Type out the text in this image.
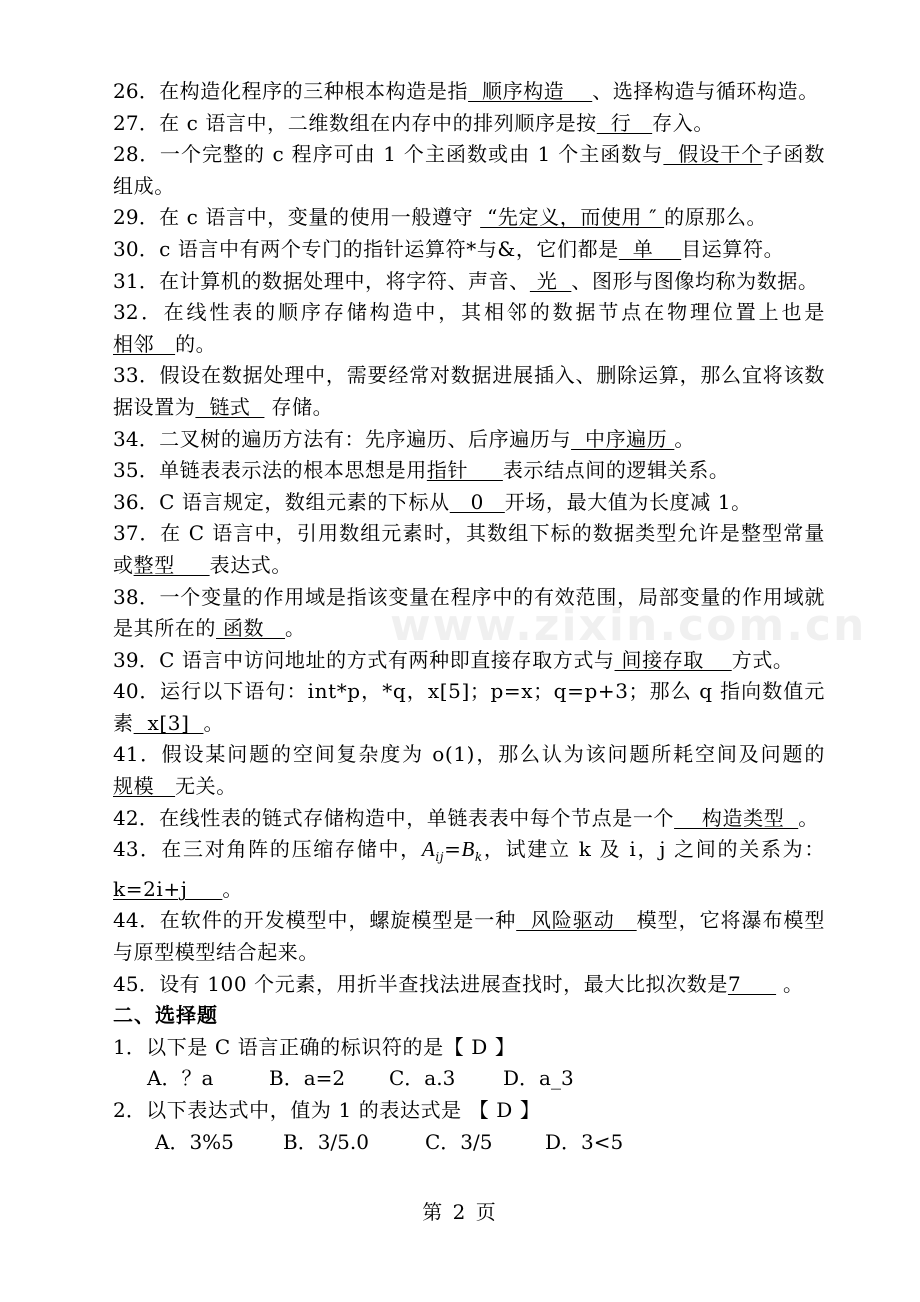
www.zixin.com.cn
26．在构造化程序的三种根本构造是指  顺序构造    、选择构造与循环构造。
27．在 c 语言中，二维数组在内存中的排列顺序是按  行   存入。
28．一个完整的 c 程序可由 1 个主函数或由 1 个主函数与  假设干个子函数组成。
29．在 c 语言中，变量的使用一般遵守  “先定义，而使用 ″ 的原那么。
30．c 语言中有两个专门的指针运算符*与&，它们都是  单    目运算符。
31．在计算机的数据处理中，将字符、声音、 光  、图形与图像均称为数据。
32．在线性表的顺序存储构造中，其相邻的数据节点在物理位置上也是相邻   的。
33．假设在数据处理中，需要经常对数据进展插入、删除运算，那么宜将该数据设置为  链式   存储。
34．二叉树的遍历方法有：先序遍历、后序遍历与  中序遍历 。
35．单链表表示法的根本思想是用指针     表示结点间的逻辑关系。
36．C 语言规定，数组元素的下标从   0   开场，最大值为长度减 1。
37．在 C 语言中，引用数组元素时，其数组下标的数据类型允许是整型常量或整型     表达式。
38．一个变量的作用域是指该变量在程序中的有效范围，局部变量的作用域就是其所在的 函数   。
39．C 语言中访问地址的方式有两种即直接存取方式与 间接存取    方式。
40．运行以下语句：int*p，*q，x[5]；p=x；q=p+3；那么 q 指向数值元素  x[3]  。
41．假设某问题的空间复杂度为 o(1)，那么认为该问题所耗空间及问题的规模   无关。
42．在线性表的链式存储构造中，单链表表中每个节点是一个    构造类型  。
43．在三对角阵的压缩存储中，$A_{ij}=B_k$，试建立 k 及 i，j 之间的关系为：k=2i+j     。
44．在软件的开发模型中，螺旋模型是一种  风险驱动   模型，它将瀑布模型与原型模型结合起来。
45．设有 100 个元素，用折半查找法进展查找时，最大比拟次数是7      。
二、选择题
1．以下是 C 语言正确的标识符的是【 D 】
A．？a	B．a=2 C．a.3 D．a_3
2．以下表达式中，值为 1 的表达式是 【 D 】
A．3%5 B．3/5.0	C．3/5	D．3<5
第 2 页
